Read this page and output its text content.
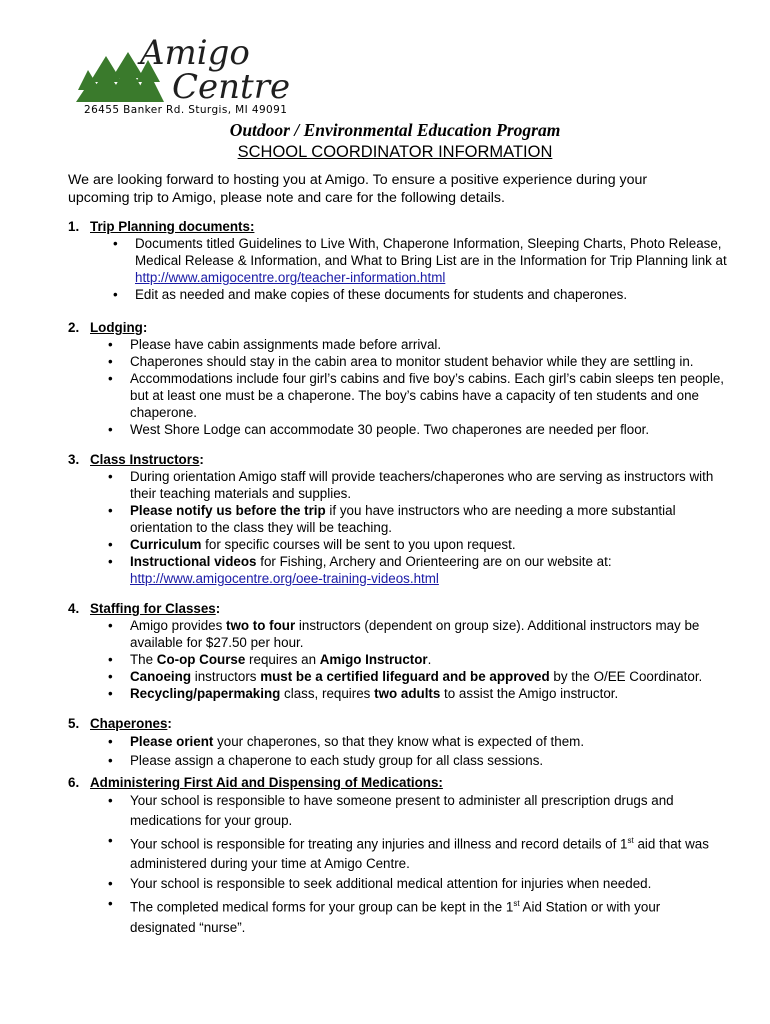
Amigo
Centre
26455 Banker Rd. Sturgis, MI 49091
Outdoor / Environmental Education Program
SCHOOL COORDINATOR INFORMATION
We are looking forward to hosting you at Amigo. To ensure a positive experience during your upcoming trip to Amigo, please note and care for the following details.
1. Trip Planning documents:
• Documents titled Guidelines to Live With, Chaperone Information, Sleeping Charts, Photo Release, Medical Release & Information, and What to Bring List are in the Information for Trip Planning link at http://www.amigocentre.org/teacher-information.html
• Edit as needed and make copies of these documents for students and chaperones.
2. Lodging:
• Please have cabin assignments made before arrival.
• Chaperones should stay in the cabin area to monitor student behavior while they are settling in.
• Accommodations include four girl’s cabins and five boy’s cabins. Each girl’s cabin sleeps ten people, but at least one must be a chaperone. The boy’s cabins have a capacity of ten students and one chaperone.
• West Shore Lodge can accommodate 30 people. Two chaperones are needed per floor.
3. Class Instructors:
• During orientation Amigo staff will provide teachers/chaperones who are serving as instructors with their teaching materials and supplies.
• Please notify us before the trip if you have instructors who are needing a more substantial orientation to the class they will be teaching.
• Curriculum for specific courses will be sent to you upon request.
• Instructional videos for Fishing, Archery and Orienteering are on our website at: http://www.amigocentre.org/oee-training-videos.html
4. Staffing for Classes:
• Amigo provides two to four instructors (dependent on group size). Additional instructors may be available for $27.50 per hour.
• The Co-op Course requires an Amigo Instructor.
• Canoeing instructors must be a certified lifeguard and be approved by the O/EE Coordinator.
• Recycling/papermaking class, requires two adults to assist the Amigo instructor.
5. Chaperones:
• Please orient your chaperones, so that they know what is expected of them.
• Please assign a chaperone to each study group for all class sessions.
6. Administering First Aid and Dispensing of Medications:
• Your school is responsible to have someone present to administer all prescription drugs and medications for your group.
• Your school is responsible for treating any injuries and illness and record details of 1st aid that was administered during your time at Amigo Centre.
• Your school is responsible to seek additional medical attention for injuries when needed.
• The completed medical forms for your group can be kept in the 1st Aid Station or with your designated “nurse”.
